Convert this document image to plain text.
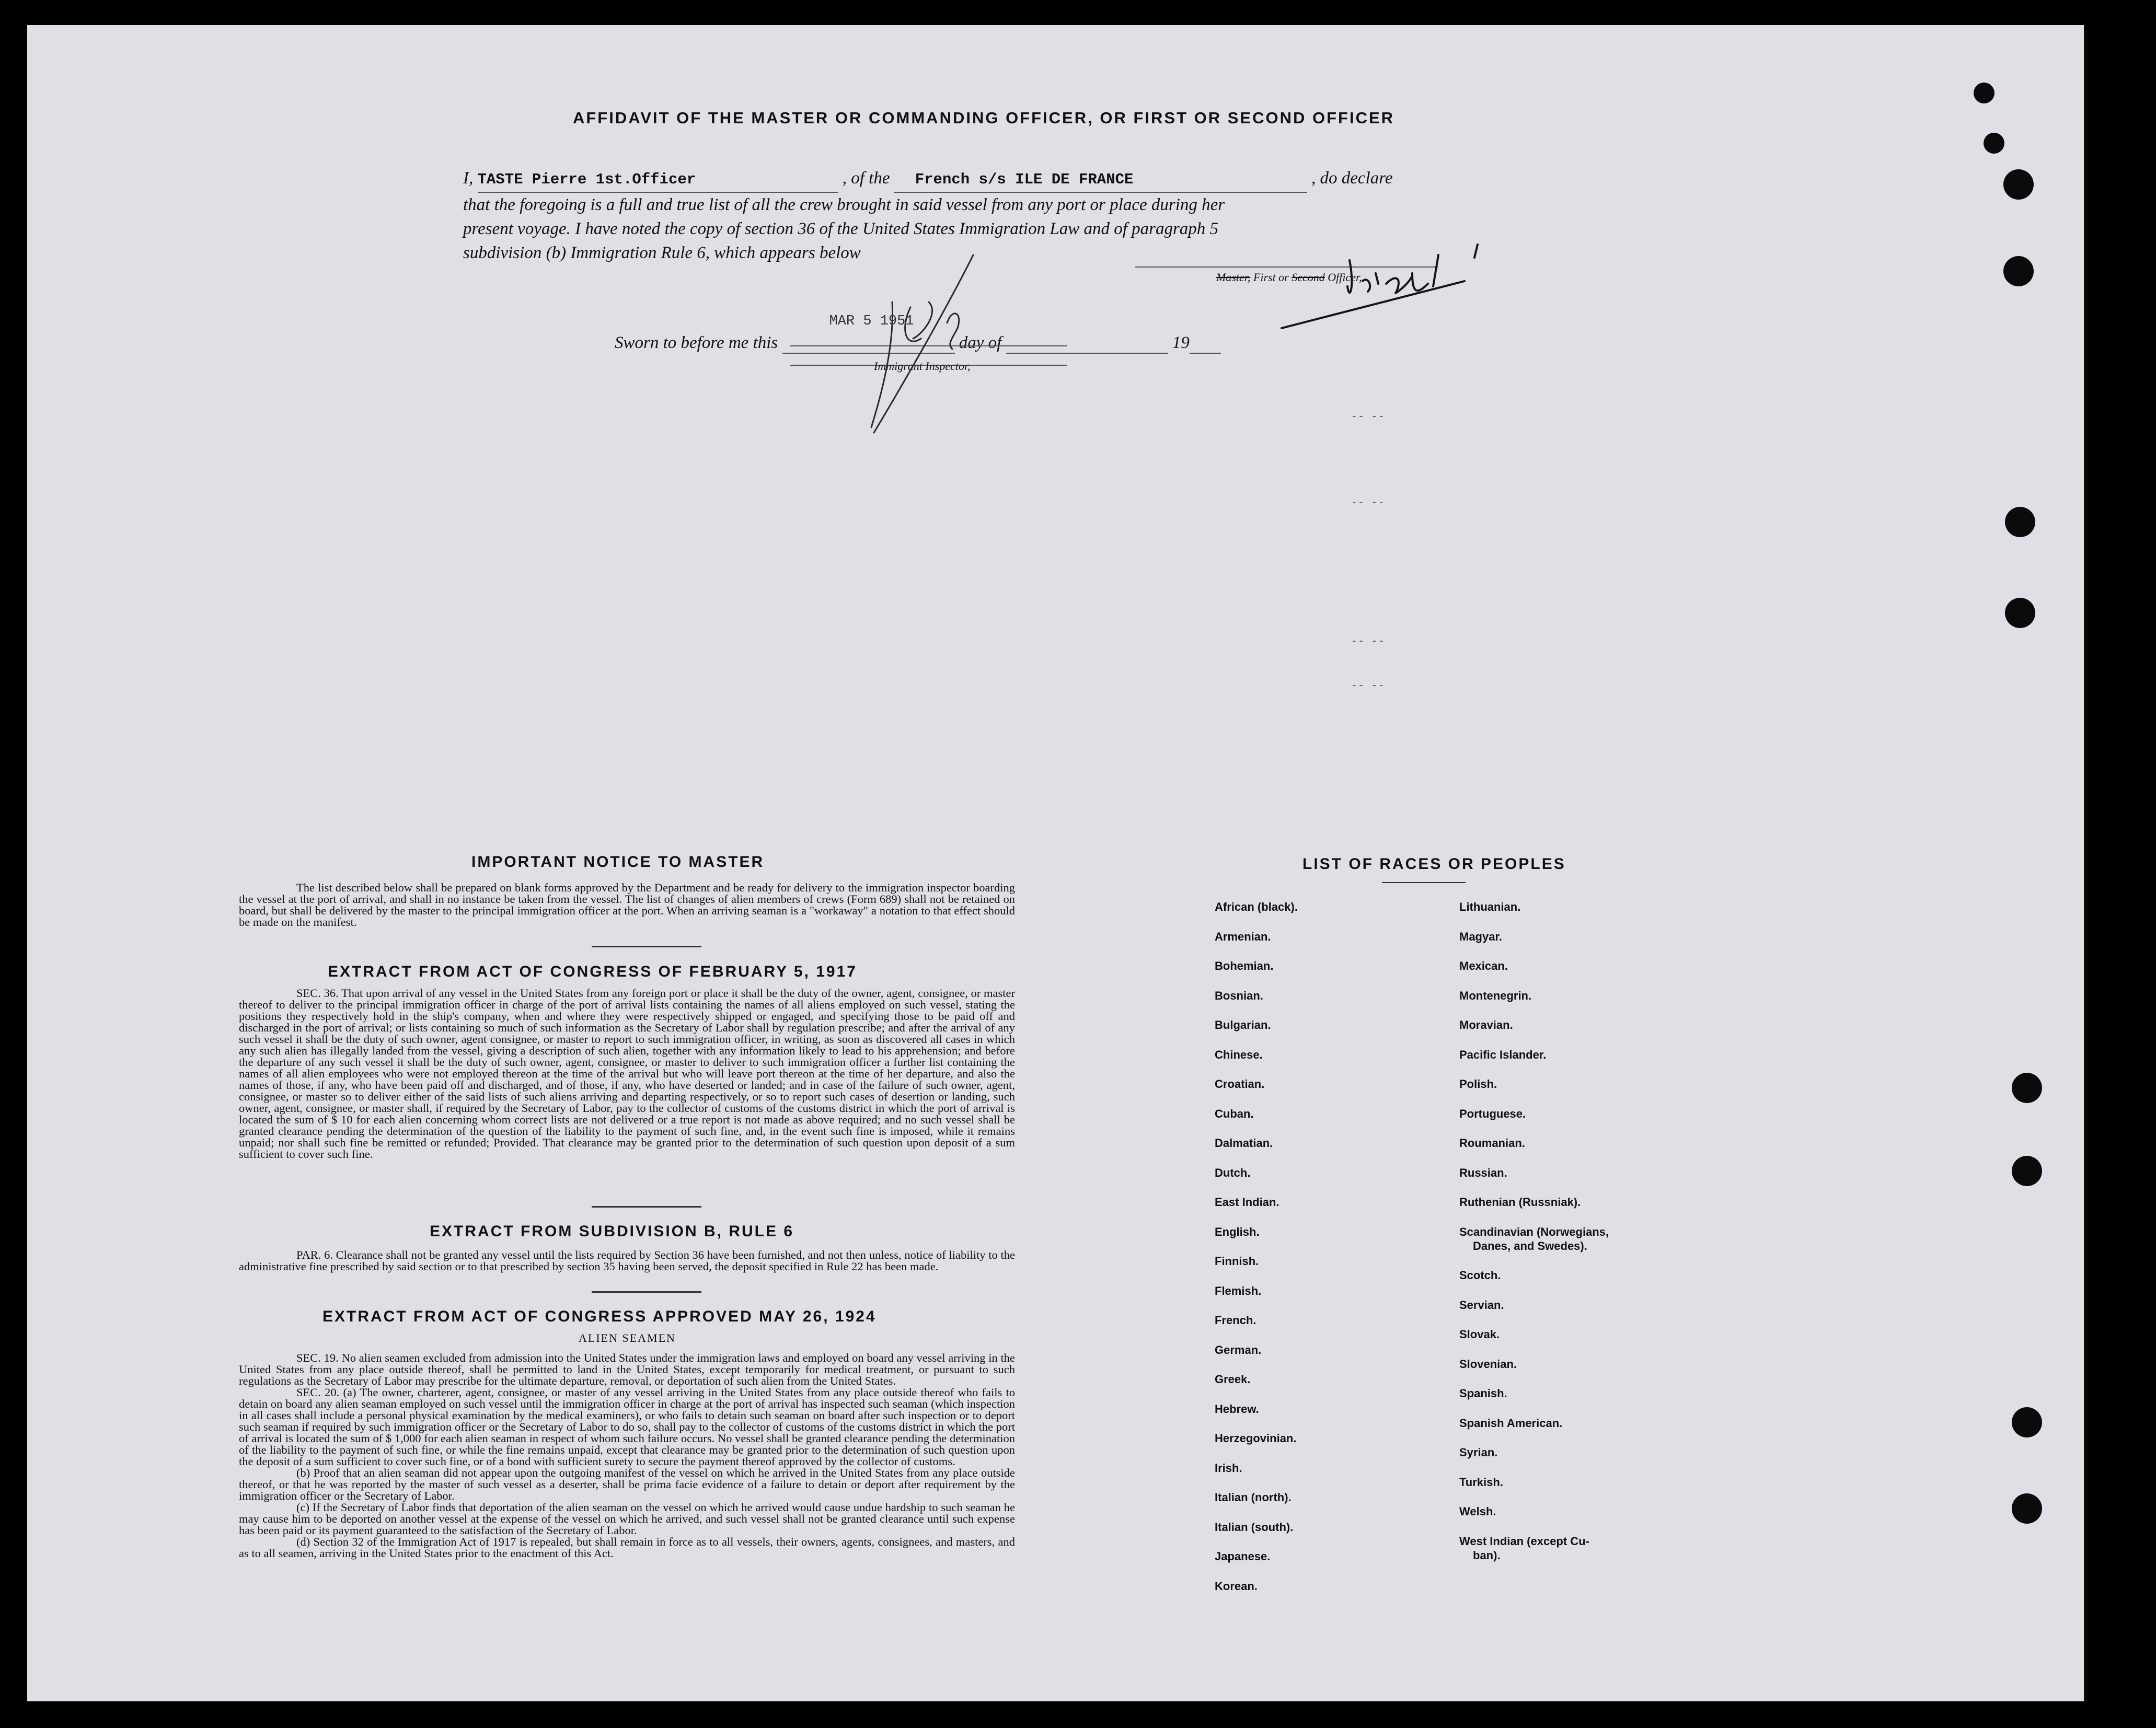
AFFIDAVIT OF THE MASTER OR COMMANDING OFFICER, OR FIRST OR SECOND OFFICER
I, TASTE Pierre 1st.Officer	, of the French s/s ILE DE FRANCE	, do declare
that the foregoing is a full and true list of all the crew brought in said vessel from any port or place during her
present voyage. I have noted the copy of section 36 of the United States Immigration Law and of paragraph 5
subdivision (b) Immigration Rule 6, which appears below
Master, First or Second Officer,
Sworn to before me this
MAR 5 1951
day of	19
Immigrant Inspector,
-- --
-- --
-- --
-- --
IMPORTANT NOTICE TO MASTER
The list described below shall be prepared on blank forms approved by the Department and be ready for delivery to the immigration inspector boarding the vessel at the port of arrival, and shall in no instance be taken from the vessel. The list of changes of alien members of crews (Form 689) shall not be retained on board, but shall be delivered by the master to the principal immigration officer at the port. When an arriving seaman is a "workaway" a notation to that effect should be made on the manifest.
EXTRACT FROM ACT OF CONGRESS OF FEBRUARY 5, 1917
SEC. 36. That upon arrival of any vessel in the United States from any foreign port or place it shall be the duty of the owner, agent, consignee, or master thereof to deliver to the principal immigration officer in charge of the port of arrival lists containing the names of all aliens employed on such vessel, stating the positions they respectively hold in the ship's company, when and where they were respectively shipped or engaged, and specifying those to be paid off and discharged in the port of arrival; or lists containing so much of such information as the Secretary of Labor shall by regulation prescribe; and after the arrival of any such vessel it shall be the duty of such owner, agent consignee, or master to report to such immigration officer, in writing, as soon as discovered all cases in which any such alien has illegally landed from the vessel, giving a description of such alien, together with any information likely to lead to his apprehension; and before the departure of any such vessel it shall be the duty of such owner, agent, consignee, or master to deliver to such immigration officer a further list containing the names of all alien employees who were not employed thereon at the time of the arrival but who will leave port thereon at the time of her departure, and also the names of those, if any, who have been paid off and discharged, and of those, if any, who have deserted or landed; and in case of the failure of such owner, agent, consignee, or master so to deliver either of the said lists of such aliens arriving and departing respectively, or so to report such cases of desertion or landing, such owner, agent, consignee, or master shall, if required by the Secretary of Labor, pay to the collector of customs of the customs district in which the port of arrival is located the sum of $ 10 for each alien concerning whom correct lists are not delivered or a true report is not made as above required; and no such vessel shall be granted clearance pending the determination of the question of the liability to the payment of such fine, and, in the event such fine is imposed, while it remains unpaid; nor shall such fine be remitted or refunded; Provided. That clearance may be granted prior to the determination of such question upon deposit of a sum sufficient to cover such fine.
EXTRACT FROM SUBDIVISION B, RULE 6
PAR. 6. Clearance shall not be granted any vessel until the lists required by Section 36 have been furnished, and not then unless, notice of liability to the administrative fine prescribed by said section or to that prescribed by section 35 having been served, the deposit specified in Rule 22 has been made.
EXTRACT FROM ACT OF CONGRESS APPROVED MAY 26, 1924
ALIEN SEAMEN

SEC. 19. No alien seamen excluded from admission into the United States under the immigration laws and employed on board any vessel arriving in the United States from any place outside thereof, shall be permitted to land in the United States, except temporarily for medical treatment, or pursuant to such regulations as the Secretary of Labor may prescribe for the ultimate departure, removal, or deportation of such alien from the United States.

SEC. 20. (a) The owner, charterer, agent, consignee, or master of any vessel arriving in the United States from any place outside thereof who fails to detain on board any alien seaman employed on such vessel until the immigration officer in charge at the port of arrival has inspected such seaman (which inspection in all cases shall include a personal physical examination by the medical examiners), or who fails to detain such seaman on board after such inspection or to deport such seaman if required by such immigration officer or the Secretary of Labor to do so, shall pay to the collector of customs of the customs district in which the port of arrival is located the sum of $ 1,000 for each alien seaman in respect of whom such failure occurs. No vessel shall be granted clearance pending the determination of the liability to the payment of such fine, or while the fine remains unpaid, except that clearance may be granted prior to the determination of such question upon the deposit of a sum sufficient to cover such fine, or of a bond with sufficient surety to secure the payment thereof approved by the collector of customs.

(b) Proof that an alien seaman did not appear upon the outgoing manifest of the vessel on which he arrived in the United States from any place outside thereof, or that he was reported by the master of such vessel as a deserter, shall be prima facie evidence of a failure to detain or deport after requirement by the immigration officer or the Secretary of Labor.

(c) If the Secretary of Labor finds that deportation of the alien seaman on the vessel on which he arrived would cause undue hardship to such seaman he may cause him to be deported on another vessel at the expense of the vessel on which he arrived, and such vessel shall not be granted clearance until such expense has been paid or its payment guaranteed to the satisfaction of the Secretary of Labor.

(d) Section 32 of the Immigration Act of 1917 is repealed, but shall remain in force as to all vessels, their owners, agents, consignees, and masters, and as to all seamen, arriving in the United States prior to the enactment of this Act.

LIST OF RACES OR PEOPLES
African (black).
Armenian.
Bohemian.
Bosnian.
Bulgarian.
Chinese.
Croatian.
Cuban.
Dalmatian.
Dutch.
East Indian.
English.
Finnish.
Flemish.
French.
German.
Greek.
Hebrew.
Herzegovinian.
Irish.
Italian (north).
Italian (south).
Japanese.
Korean.
Lithuanian.
Magyar.
Mexican.
Montenegrin.
Moravian.
Pacific Islander.
Polish.
Portuguese.
Roumanian.
Russian.
Ruthenian (Russniak).
Scandinavian (Norwegians,
Danes, and Swedes).
Scotch.
Servian.
Slovak.
Slovenian.
Spanish.
Spanish American.
Syrian.
Turkish.
Welsh.
West Indian (except Cu-
ban).
